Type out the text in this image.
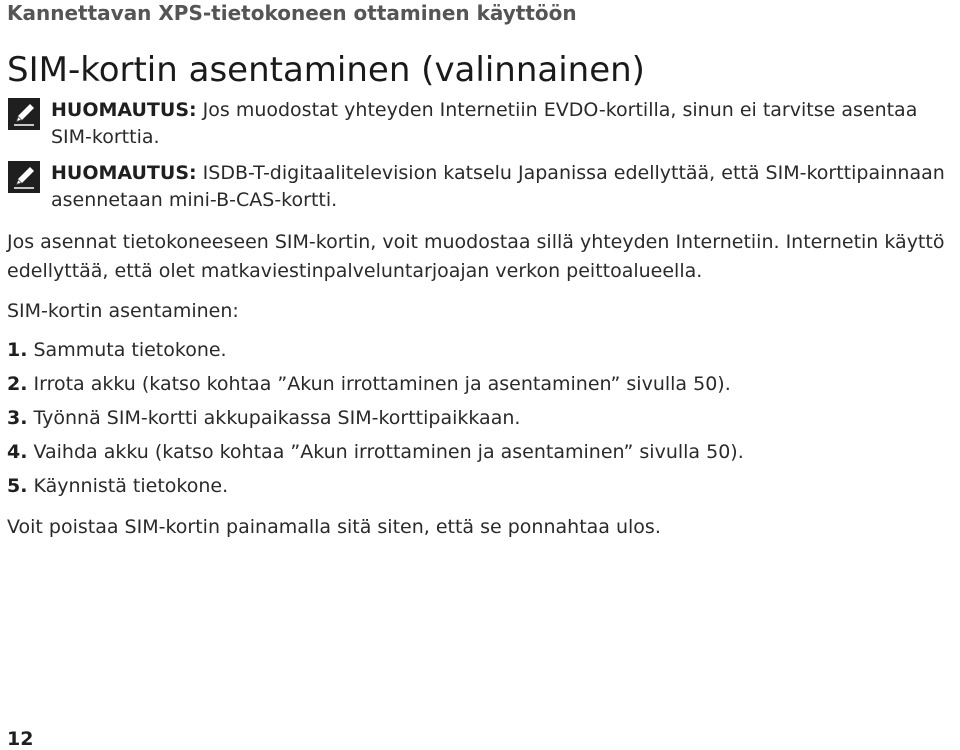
Kannettavan XPS-tietokoneen ottaminen käyttöön
SIM-kortin asentaminen (valinnainen)
HUOMAUTUS: Jos muodostat yhteyden Internetiin EVDO-kortilla, sinun ei tarvitse asentaa SIM-korttia.
HUOMAUTUS: ISDB-T-digitaalitelevision katselu Japanissa edellyttää, että SIM-korttipainnaan asennetaan mini-B-CAS-kortti.

Jos asennat tietokoneeseen SIM-kortin, voit muodostaa sillä yhteyden Internetiin. Internetin käyttö edellyttää, että olet matkaviestinpalveluntarjoajan verkon peittoalueella.

SIM-kortin asentaminen:

1. Sammuta tietokone.
2. Irrota akku (katso kohtaa ”Akun irrottaminen ja asentaminen” sivulla 50).
3. Työnnä SIM-kortti akkupaikassa SIM-korttipaikkaan.
4. Vaihda akku (katso kohtaa ”Akun irrottaminen ja asentaminen” sivulla 50).
5. Käynnistä tietokone.

Voit poistaa SIM-kortin painamalla sitä siten, että se ponnahtaa ulos.

12
